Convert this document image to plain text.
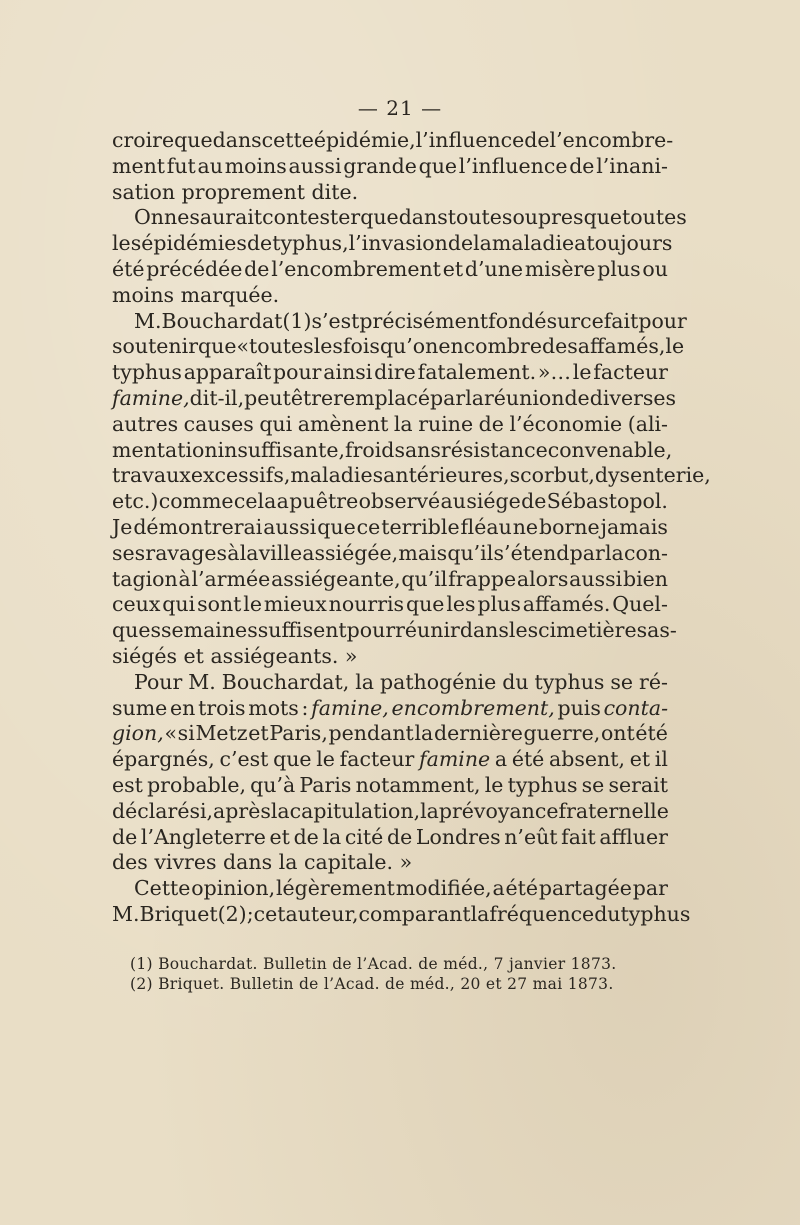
— 21 —
croire que dans cette épidémie, l’influence de l’encombre-
ment fut au moins aussi grande que l’influence de l’inani-
sation proprement dite.
On ne saurait contester que dans toutes ou presque toutes
les épidémies de typhus, l’invasion de la maladie a toujours
été précédée de l’encombrement et d’une misère plus ou
moins marquée.
M. Bouchardat (1) s’est précisément fondé sur ce fait pour
soutenir que « toutes les fois qu’on encombre des affamés, le
typhus apparaît pour ainsi dire fatalement. »… le facteur
famine, dit-il, peut être remplacé par la réunion de diverses
autres causes qui amènent la ruine de l’économie (ali-
mentation insuffisante, froid sans résistance convenable,
travaux excessifs, maladies antérieures, scorbut, dysenterie,
etc.) comme cela a pu être observé au siége de Sébastopol.
Je démontrerai aussi que ce terrible fléau ne borne jamais
ses ravages à la ville assiégée, mais qu’il s’étend par la con-
tagion à l’armée assiégeante, qu’il frappe alors aussi bien
ceux qui sont le mieux nourris que les plus affamés. Quel-
ques semaines suffisent pour réunir dans les cimetières as-
siégés et assiégeants. »
Pour M. Bouchardat, la pathogénie du typhus se ré-
sume en trois mots : famine, encombrement, puis conta-
gion, « si Metz et Paris, pendant la dernière guerre, ont été
épargnés, c’est que le facteur famine a été absent, et il
est probable, qu’à Paris notamment, le typhus se serait
déclaré si, après la capitulation, la prévoyance fraternelle
de l’Angleterre et de la cité de Londres n’eût fait affluer
des vivres dans la capitale. »
Cette opinion, légèrement modifiée, a été partagée par
M. Briquet (2) ; cet auteur, comparant la fréquence du typhus
(1) Bouchardat. Bulletin de l’Acad. de méd., 7 janvier 1873.
(2) Briquet. Bulletin de l’Acad. de méd., 20 et 27 mai 1873.
